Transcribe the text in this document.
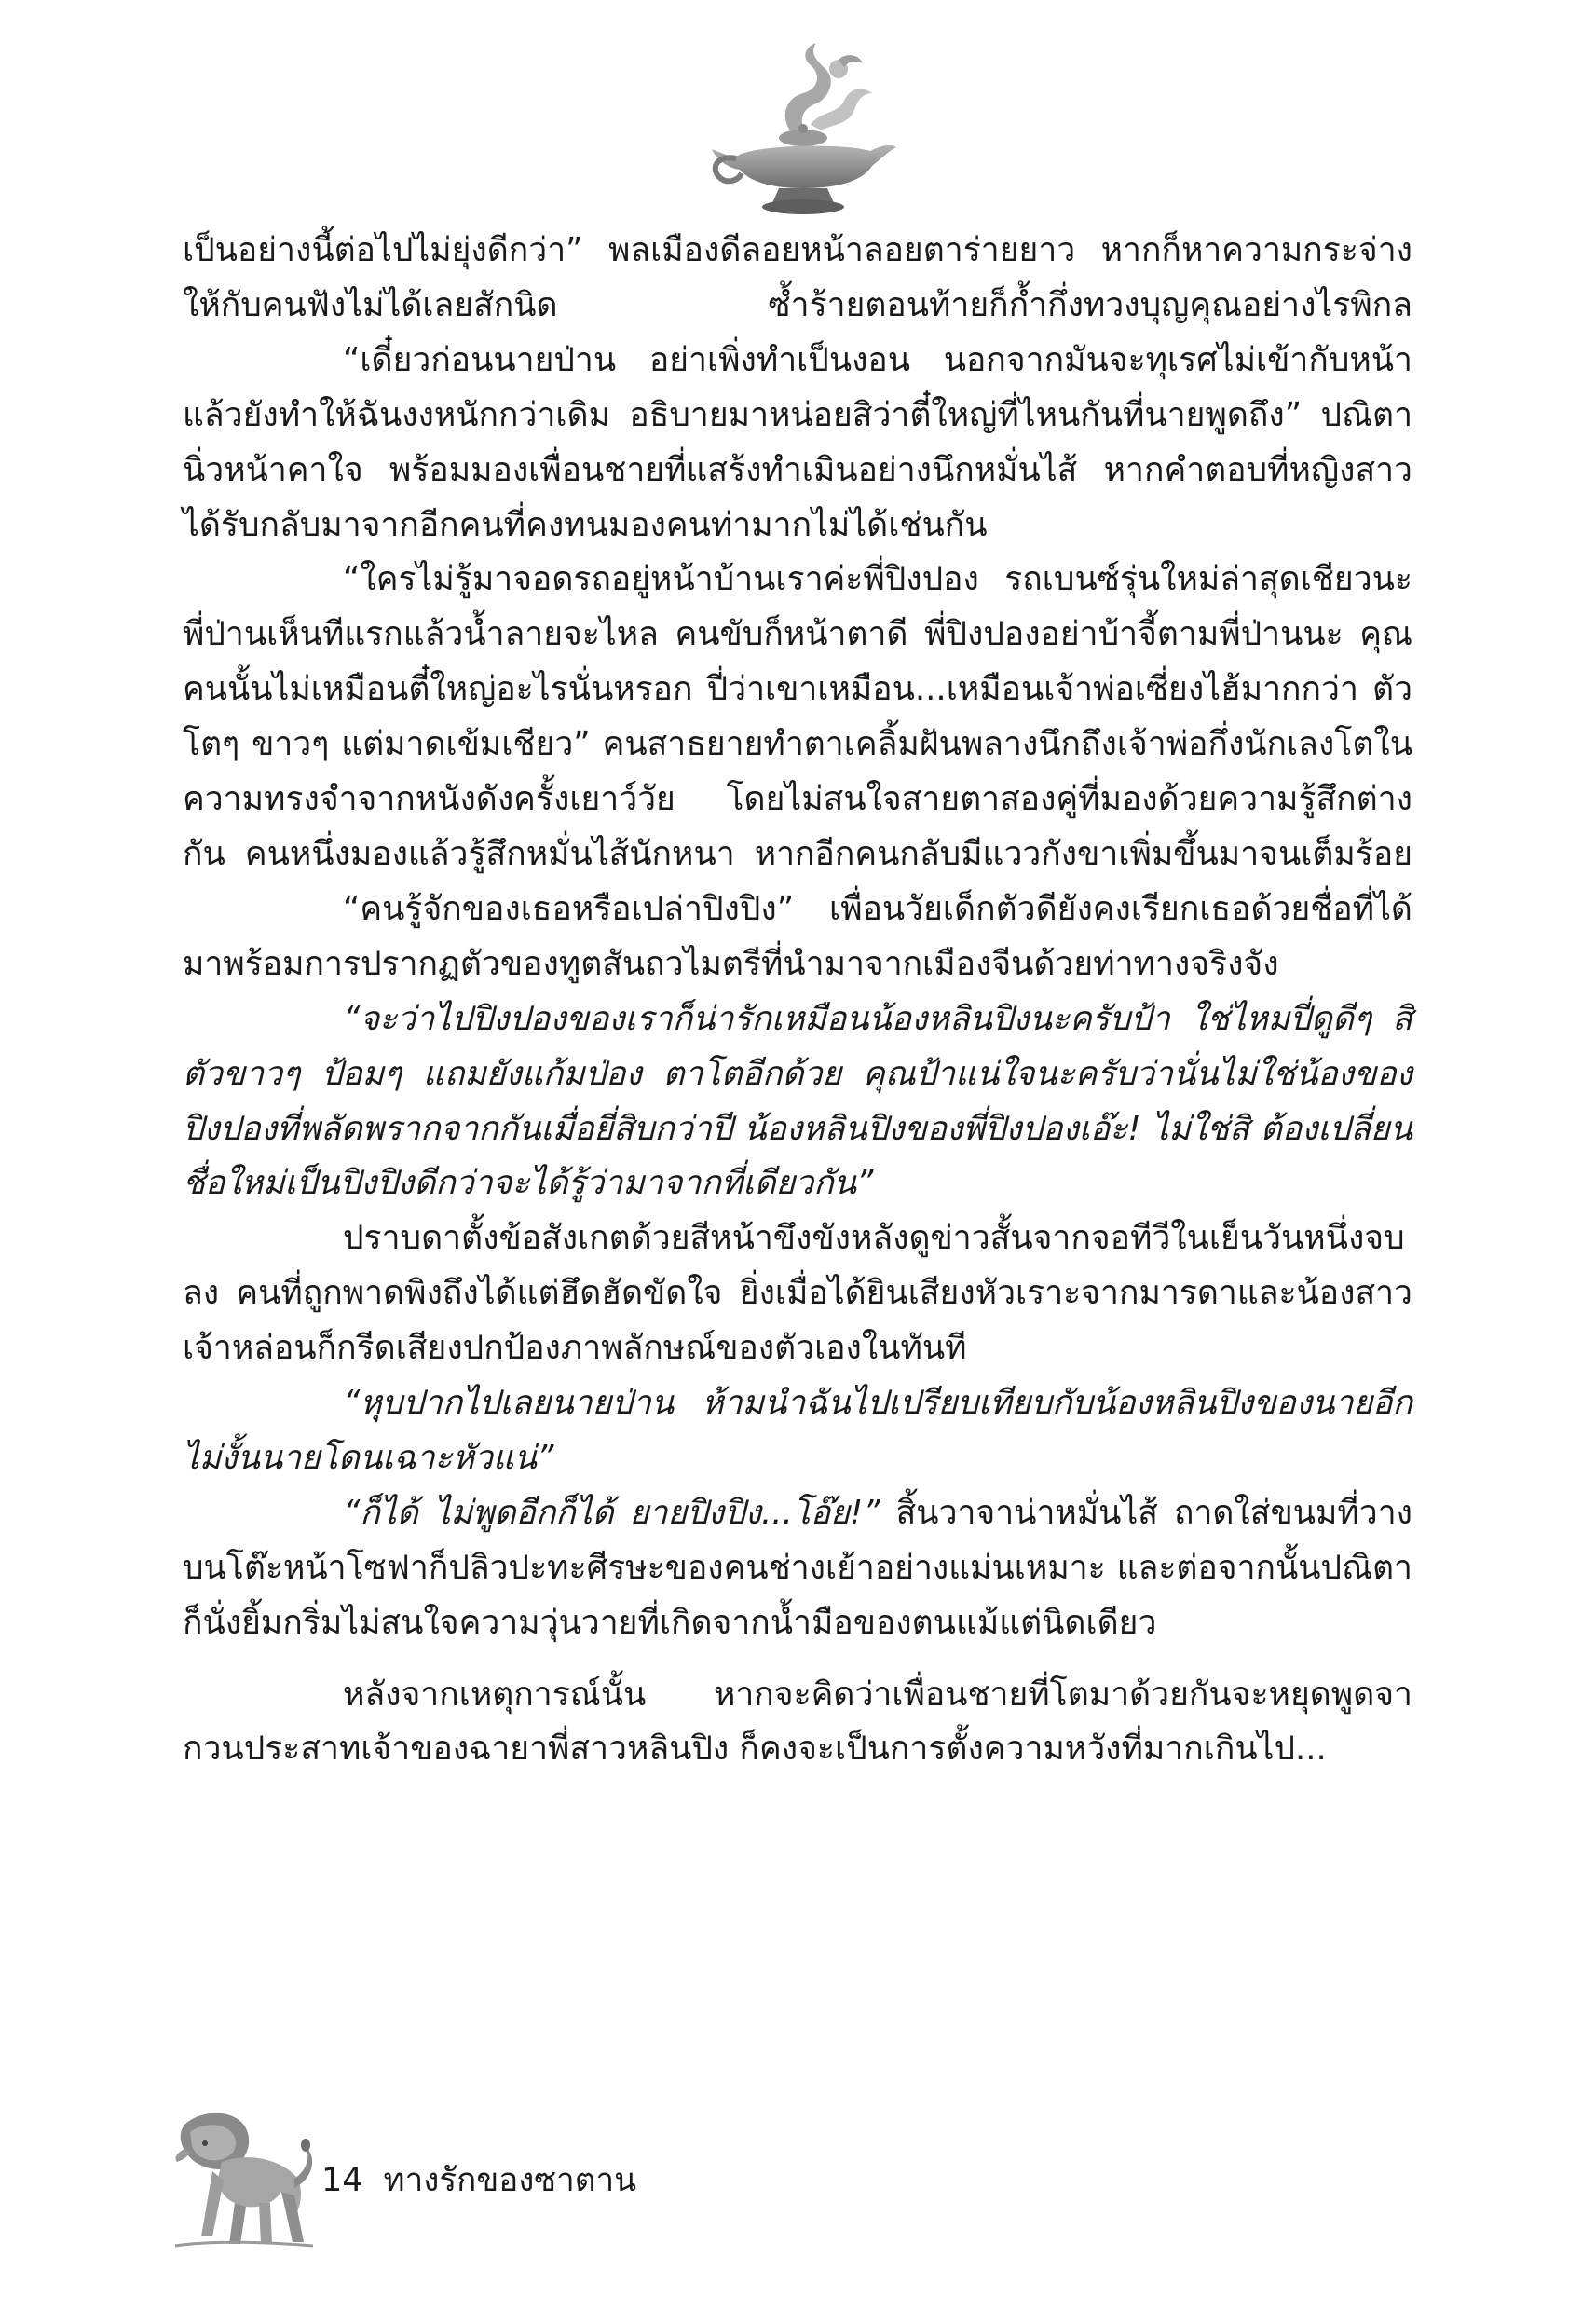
เป็นอย่างนี้ต่อไปไม่ยุ่งดีกว่า” พลเมืองดีลอยหน้าลอยตาร่ายยาว หากก็หาความกระจ่างให้กับคนฟังไม่ได้เลยสักนิด ซ้ำร้ายตอนท้ายก็ก้ำกึ่งทวงบุญคุณอย่างไรพิกล

“เดี๋ยวก่อนนายป่าน อย่าเพิ่งทำเป็นงอน นอกจากมันจะทุเรศไม่เข้ากับหน้าแล้วยังทำให้ฉันงงหนักกว่าเดิม อธิบายมาหน่อยสิว่าตี๋ใหญ่ที่ไหนกันที่นายพูดถึง” ปณิตานิ่วหน้าคาใจ พร้อมมองเพื่อนชายที่แสร้งทำเมินอย่างนึกหมั่นไส้ หากคำตอบที่หญิงสาวได้รับกลับมาจากอีกคนที่คงทนมองคนท่ามากไม่ได้เช่นกัน

“ใครไม่รู้มาจอดรถอยู่หน้าบ้านเราค่ะพี่ปิงปอง รถเบนซ์รุ่นใหม่ล่าสุดเชียวนะ พี่ป่านเห็นทีแรกแล้วน้ำลายจะไหล คนขับก็หน้าตาดี พี่ปิงปองอย่าบ้าจี้ตามพี่ป่านนะ คุณคนนั้นไม่เหมือนตี๋ใหญ่อะไรนั่นหรอก ปี่ว่าเขาเหมือน...เหมือนเจ้าพ่อเซี่ยงไฮ้มากกว่า ตัวโตๆ ขาวๆ แต่มาดเข้มเชียว” คนสาธยายทำตาเคลิ้มฝันพลางนึกถึงเจ้าพ่อกึ่งนักเลงโตในความทรงจำจากหนังดังครั้งเยาว์วัย โดยไม่สนใจสายตาสองคู่ที่มองด้วยความรู้สึกต่างกัน คนหนึ่งมองแล้วรู้สึกหมั่นไส้นักหนา หากอีกคนกลับมีแววกังขาเพิ่มขึ้นมาจนเต็มร้อย

“คนรู้จักของเธอหรือเปล่าปิงปิง” เพื่อนวัยเด็กตัวดียังคงเรียกเธอด้วยชื่อที่ได้มาพร้อมการปรากฏตัวของทูตสันถวไมตรีที่นำมาจากเมืองจีนด้วยท่าทางจริงจัง

“จะว่าไปปิงปองของเราก็น่ารักเหมือนน้องหลินปิงนะครับป้า ใช่ไหมปี่ดูดีๆ สิ ตัวขาวๆ ป้อมๆ แถมยังแก้มป่อง ตาโตอีกด้วย คุณป้าแน่ใจนะครับว่านั่นไม่ใช่น้องของปิงปองที่พลัดพรากจากกันเมื่อยี่สิบกว่าปี น้องหลินปิงของพี่ปิงปองเอ๊ะ! ไม่ใช่สิ ต้องเปลี่ยนชื่อใหม่เป็นปิงปิงดีกว่าจะได้รู้ว่ามาจากที่เดียวกัน”

ปราบดาตั้งข้อสังเกตด้วยสีหน้าขึงขังหลังดูข่าวสั้นจากจอทีวีในเย็นวันหนึ่งจบลง คนที่ถูกพาดพิงถึงได้แต่ฮึดฮัดขัดใจ ยิ่งเมื่อได้ยินเสียงหัวเราะจากมารดาและน้องสาว เจ้าหล่อนก็กรีดเสียงปกป้องภาพลักษณ์ของตัวเองในทันที

“หุบปากไปเลยนายป่าน ห้ามนำฉันไปเปรียบเทียบกับน้องหลินปิงของนายอีก ไม่งั้นนายโดนเฉาะหัวแน่”

“ก็ได้ ไม่พูดอีกก็ได้ ยายปิงปิง...โอ๊ย!” สิ้นวาจาน่าหมั่นไส้ ถาดใส่ขนมที่วางบนโต๊ะหน้าโซฟาก็ปลิวปะทะศีรษะของคนช่างเย้าอย่างแม่นเหมาะ และต่อจากนั้นปณิตาก็นั่งยิ้มกริ่มไม่สนใจความวุ่นวายที่เกิดจากน้ำมือของตนแม้แต่นิดเดียว

หลังจากเหตุการณ์นั้น หากจะคิดว่าเพื่อนชายที่โตมาด้วยกันจะหยุดพูดจากวนประสาทเจ้าของฉายาพี่สาวหลินปิง ก็คงจะเป็นการตั้งความหวังที่มากเกินไป...

14 ทางรักของซาตาน
